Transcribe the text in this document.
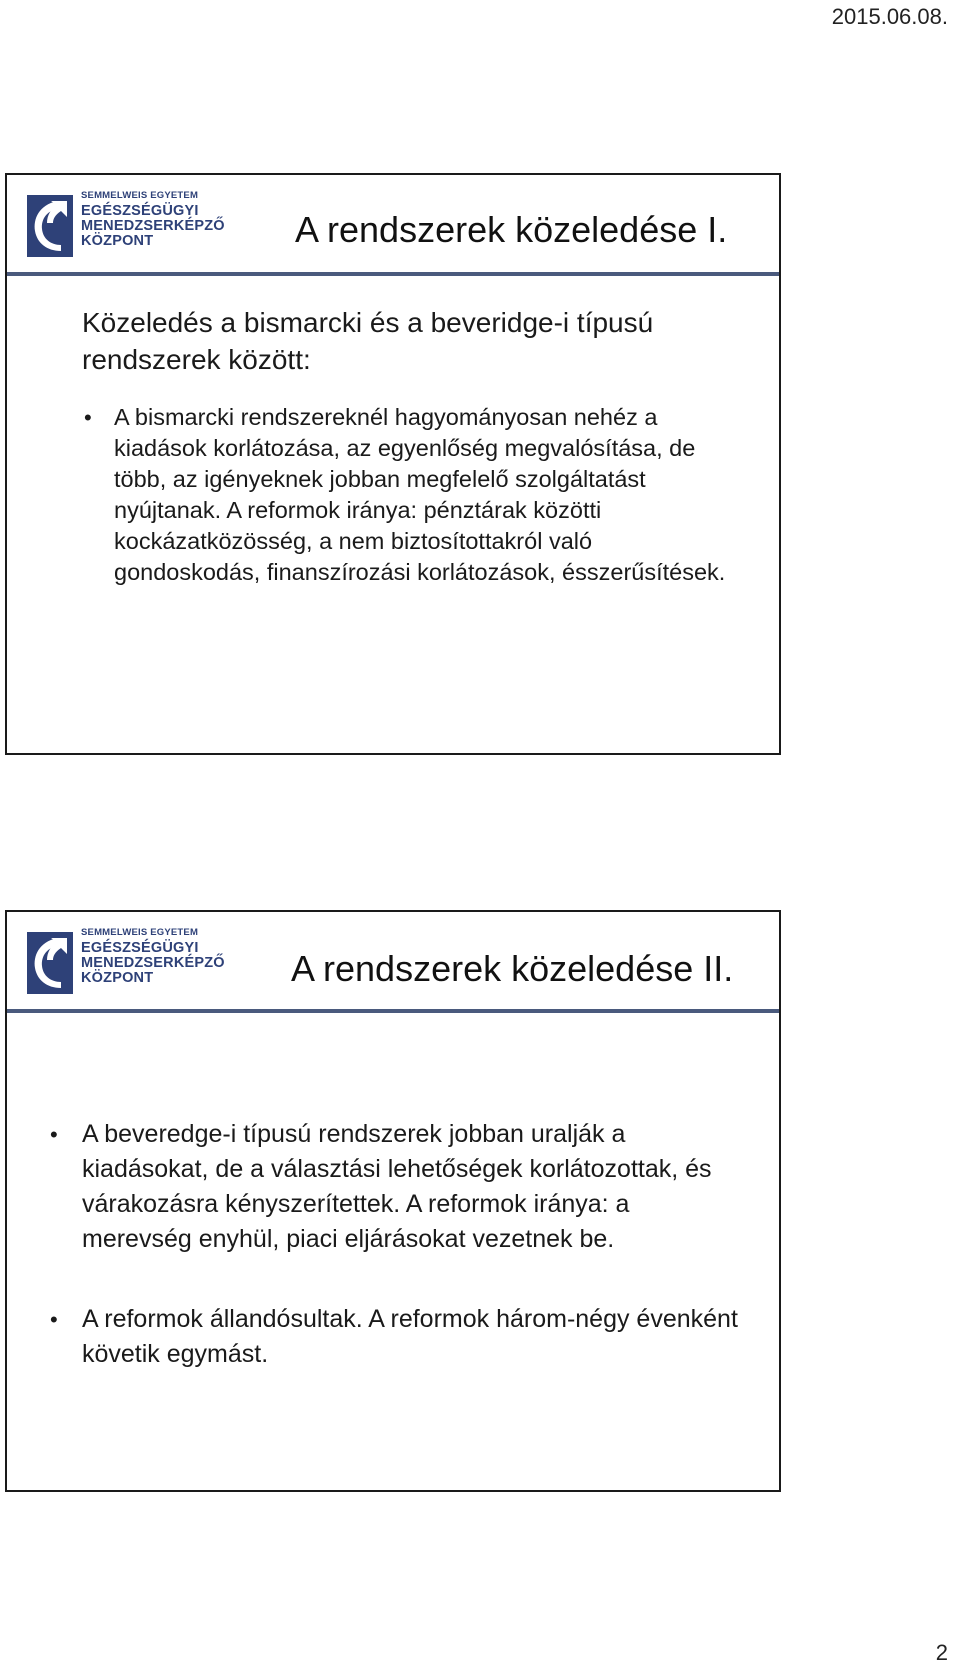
2015.06.08.
SEMMELWEIS EGYETEM
EGÉSZSÉGÜGYI
MENEDZSERKÉPZŐ
KÖZPONT	A rendszerek közeledése I.

Közeledés a bismarcki és a beveridge-i típusú rendszerek között:

• A bismarcki rendszereknél hagyományosan nehéz a kiadások korlátozása, az egyenlőség megvalósítása, de több, az igényeknek jobban megfelelő szolgáltatást nyújtanak. A reformok iránya: pénztárak közötti kockázatközösség, a nem biztosítottakról való gondoskodás, finanszírozási korlátozások, ésszerűsítések.
SEMMELWEIS EGYETEM
EGÉSZSÉGÜGYI
MENEDZSERKÉPZŐ
KÖZPONT	A rendszerek közeledése II.
• A beveredge-i típusú rendszerek jobban uralják a kiadásokat, de a választási lehetőségek korlátozottak, és várakozásra kényszerítettek. A reformok iránya: a merevség enyhül, piaci eljárásokat vezetnek be.
• A reformok állandósultak. A reformok három-négy évenként követik egymást.
2
